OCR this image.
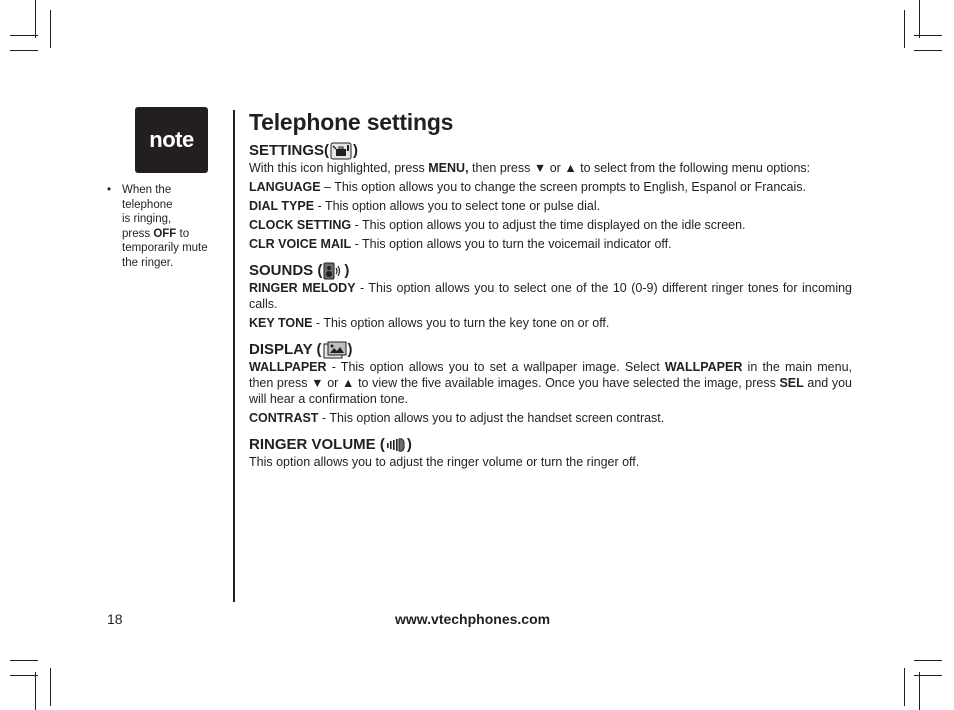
note
• When the
telephone
is ringing,
press OFF to
temporarily mute
the ringer.
Telephone settings
SETTINGS( )

With this icon highlighted, press MENU, then press ▼ or ▲ to select from the following menu options:

LANGUAGE – This option allows you to change the screen prompts to English, Espanol or Francais.

DIAL TYPE - This option allows you to select tone or pulse dial.

CLOCK SETTING - This option allows you to adjust the time displayed on the idle screen.

CLR VOICE MAIL - This option allows you to turn the voicemail indicator off.

SOUNDS ( )

RINGER MELODY - This option allows you to select one of the 10 (0-9) different ringer tones for incoming calls.

KEY TONE - This option allows you to turn the key tone on or off.

DISPLAY ( )

WALLPAPER - This option allows you to set a wallpaper image. Select WALLPAPER in the main menu, then press ▼ or ▲ to view the five available images. Once you have selected the image, press SEL and you will hear a confirmation tone.

CONTRAST - This option allows you to adjust the handset screen contrast.

RINGER VOLUME ( )

This option allows you to adjust the ringer volume or turn the ringer off.

18	www.vtechphones.com
